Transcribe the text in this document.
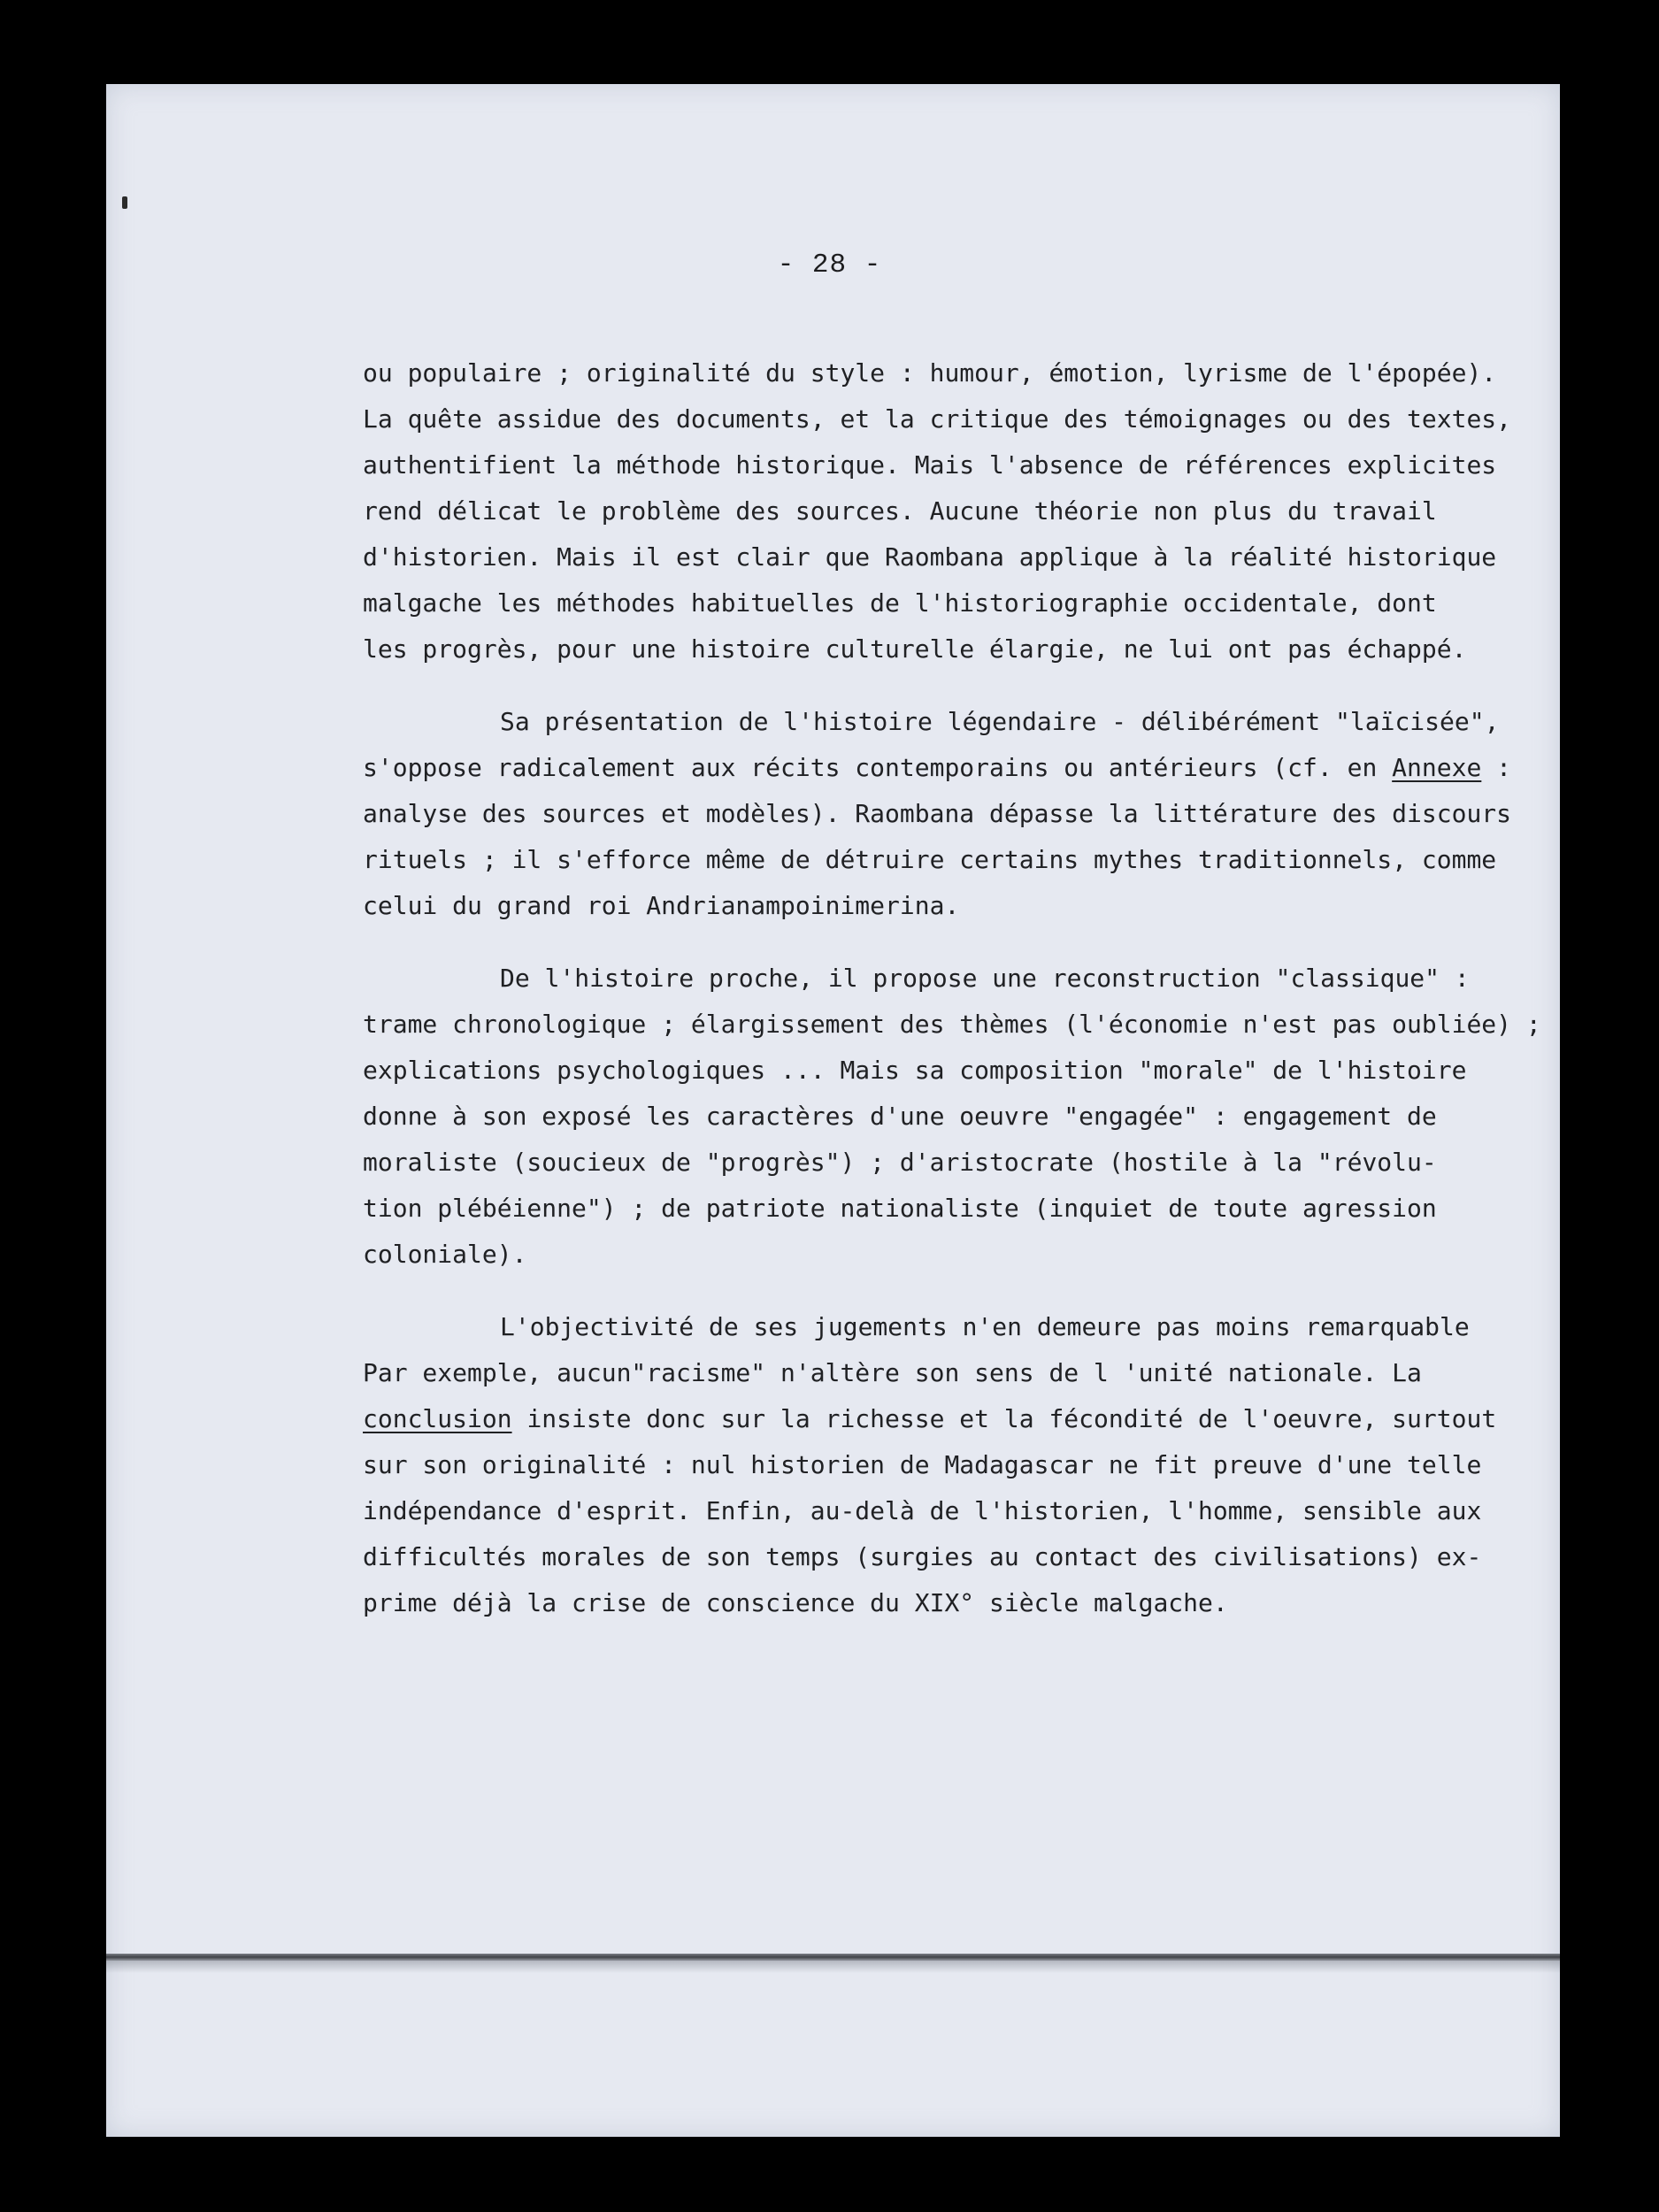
- 28 -
ou populaire ; originalité du style : humour, émotion, lyrisme de l'épopée).
La quête assidue des documents, et la critique des témoignages ou des textes,
authentifient la méthode historique. Mais l'absence de références explicites
rend délicat le problème des sources. Aucune théorie non plus du travail
d'historien. Mais il est clair que Raombana applique à la réalité historique
malgache les méthodes habituelles de l'historiographie occidentale, dont
les progrès, pour une histoire culturelle élargie, ne lui ont pas échappé.
Sa présentation de l'histoire légendaire - délibérément "laïcisée",
s'oppose radicalement aux récits contemporains ou antérieurs (cf. en Annexe :
analyse des sources et modèles). Raombana dépasse la littérature des discours
rituels ; il s'efforce même de détruire certains mythes traditionnels, comme
celui du grand roi Andrianampoinimerina.
De l'histoire proche, il propose une reconstruction "classique" :
trame chronologique ; élargissement des thèmes (l'économie n'est pas oubliée) ;
explications psychologiques ... Mais sa composition "morale" de l'histoire
donne à son exposé les caractères d'une oeuvre "engagée" : engagement de
moraliste (soucieux de "progrès") ; d'aristocrate (hostile à la "révolu-
tion plébéienne") ; de patriote nationaliste (inquiet de toute agression
coloniale).
L'objectivité de ses jugements n'en demeure pas moins remarquable
Par exemple, aucun"racisme" n'altère son sens de l 'unité nationale. La
conclusion insiste donc sur la richesse et la fécondité de l'oeuvre, surtout
sur son originalité : nul historien de Madagascar ne fit preuve d'une telle
indépendance d'esprit. Enfin, au-delà de l'historien, l'homme, sensible aux
difficultés morales de son temps (surgies au contact des civilisations) ex-
prime déjà la crise de conscience du XIX° siècle malgache.
